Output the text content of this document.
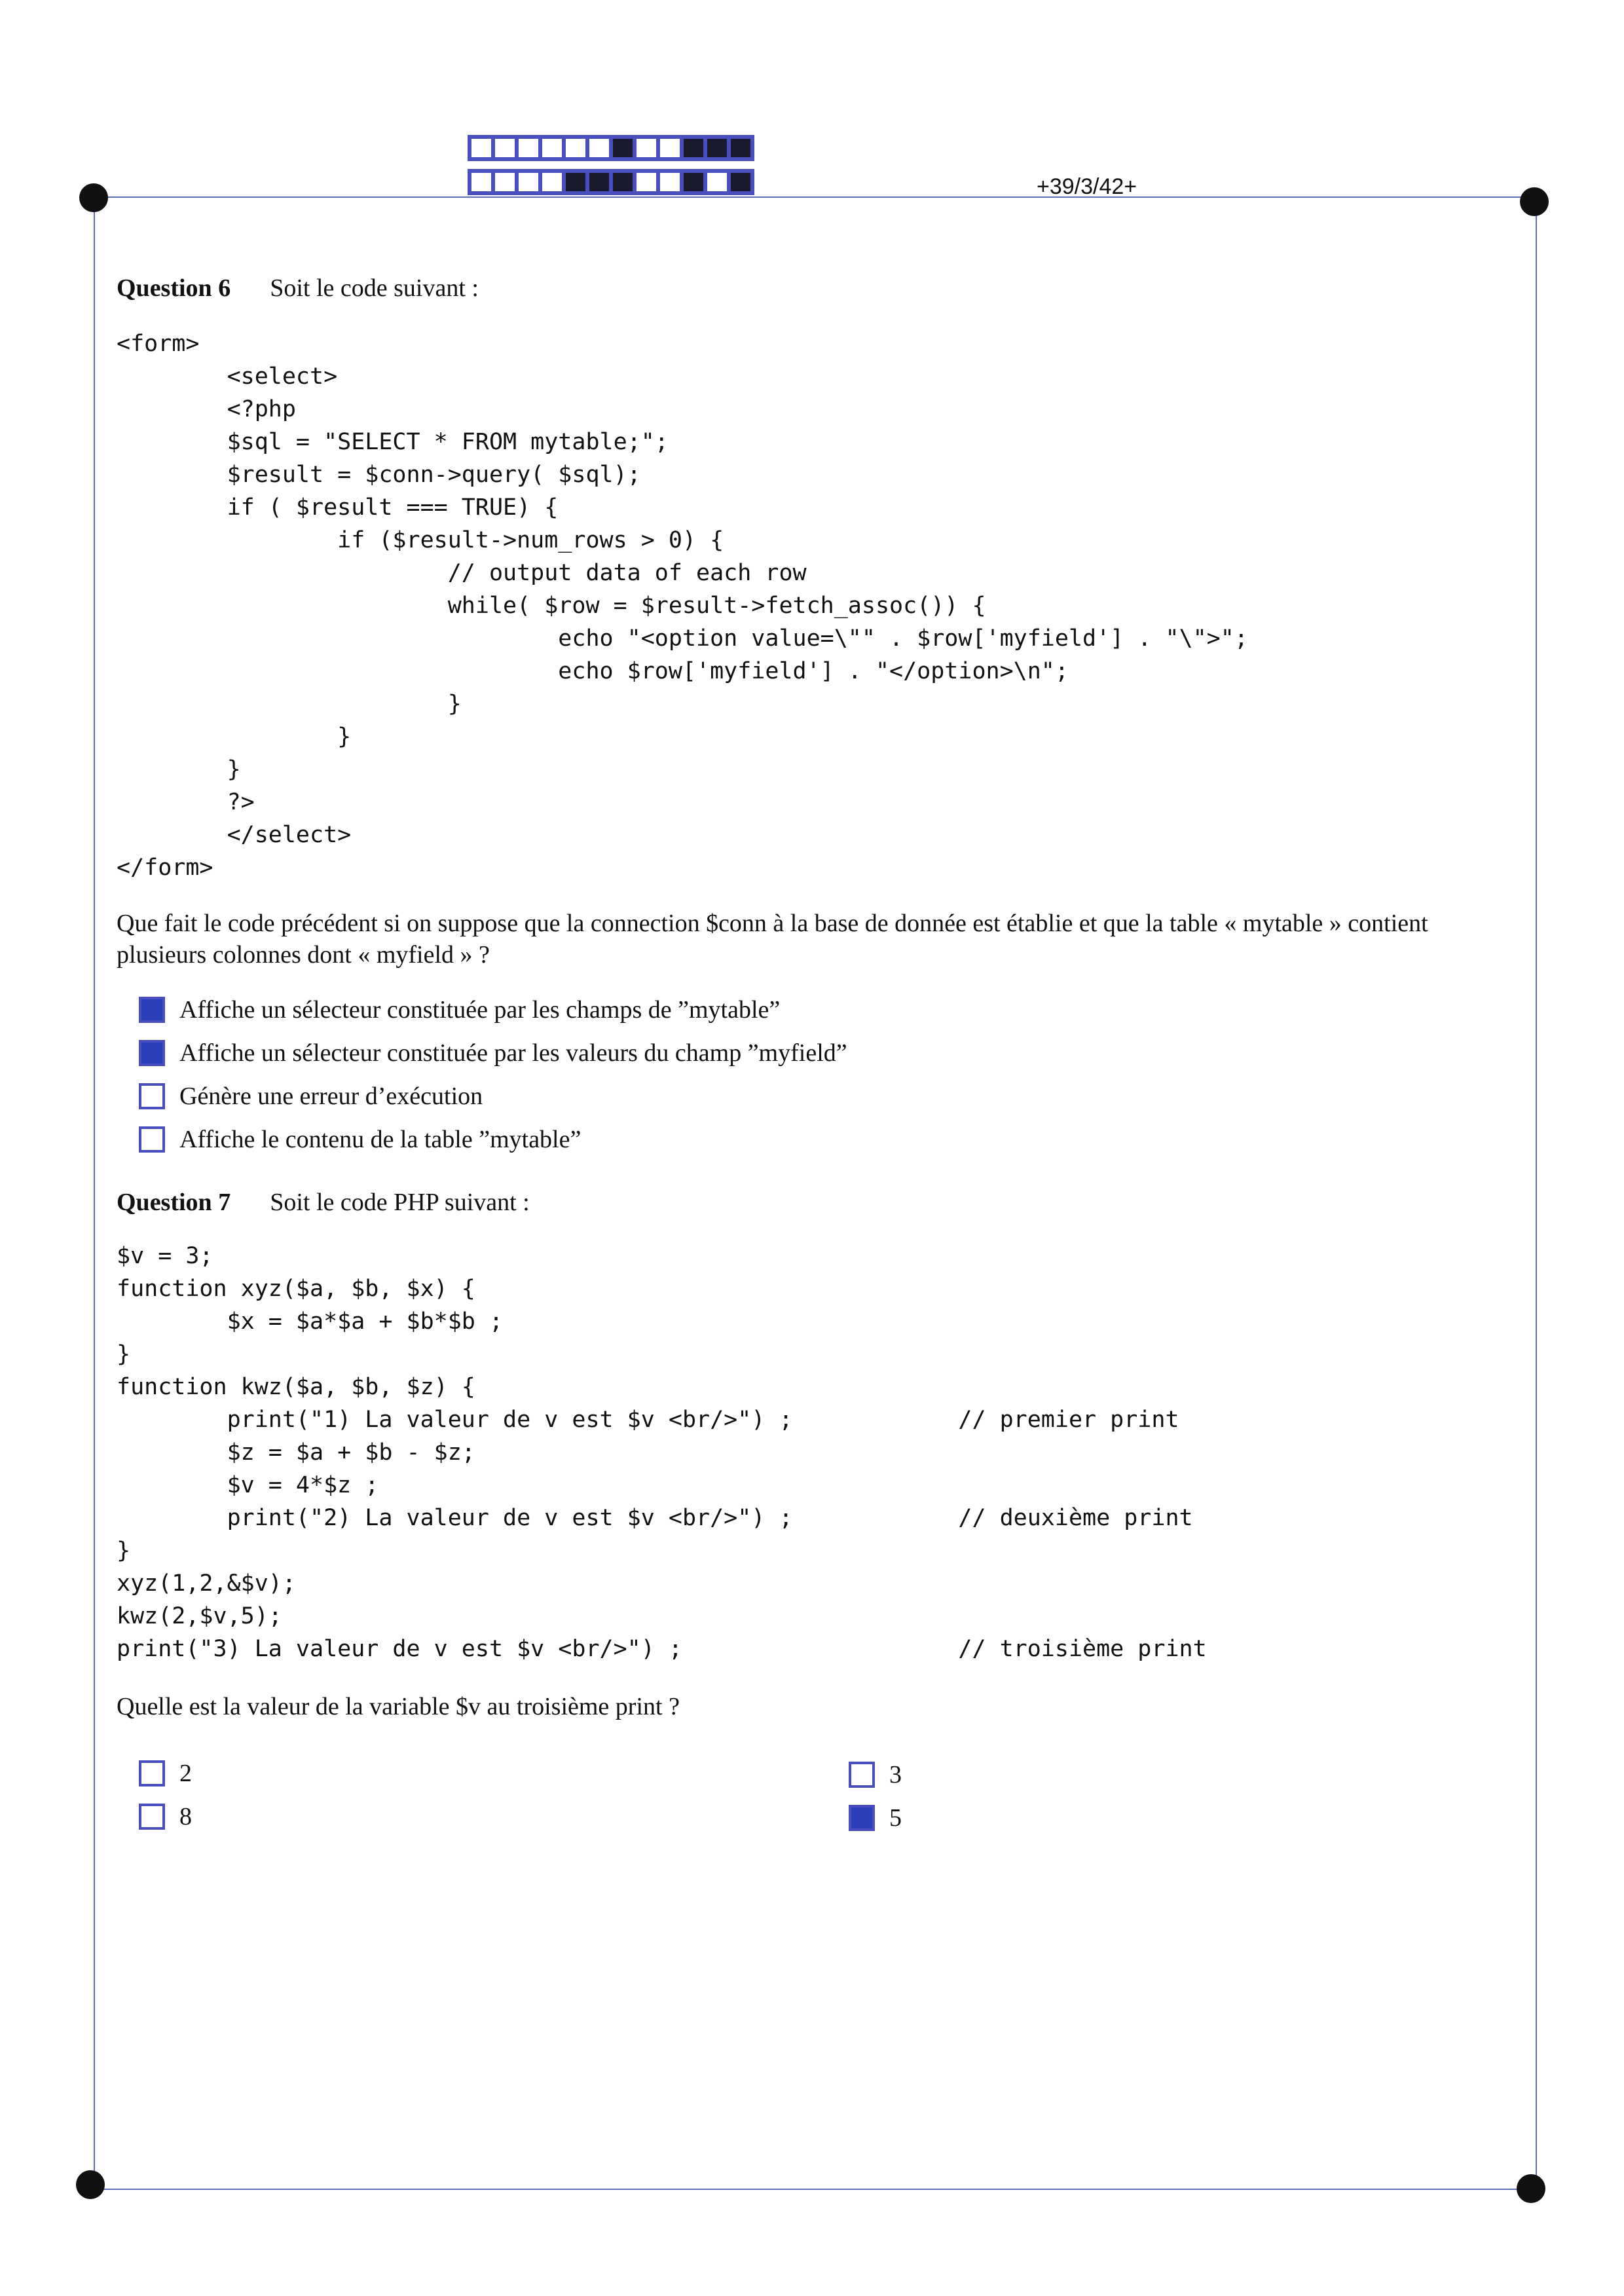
+39/3/42+
Question 6 Soit le code suivant :
<form>
<select>
<?php
$sql = "SELECT * FROM mytable;";
$result = $conn->query( $sql);
if ( $result === TRUE) {
if ($result->num_rows > 0) {
// output data of each row
while( $row = $result->fetch_assoc()) {
echo "<option value=\"" . $row['myfield'] . "\">";
echo $row['myfield'] . "</option>\n";
}
}
}
?>
</select>
</form>

Que fait le code précédent si on suppose que la connection $conn à la base de donnée est établie et que la table « mytable » contient plusieurs colonnes dont « myfield » ?

Affiche un sélecteur constituée par les champs de ”mytable”
Affiche un sélecteur constituée par les valeurs du champ ”myfield”
Génère une erreur d’exécution
Affiche le contenu de la table ”mytable”
Question 7 Soit le code PHP suivant :
$v = 3;
function xyz($a, $b, $x) {
$x = $a*$a + $b*$b ;
}
function kwz($a, $b, $z) {
print("1) La valeur de v est $v <br/>") ;            // premier print
$z = $a + $b - $z;
$v = 4*$z ;
print("2) La valeur de v est $v <br/>") ;            // deuxième print
}
xyz(1,2,&$v);
kwz(2,$v,5);
print("3) La valeur de v est $v <br/>") ;                    // troisième print

Quelle est la valeur de la variable $v au troisième print ?

2	3
8	5
